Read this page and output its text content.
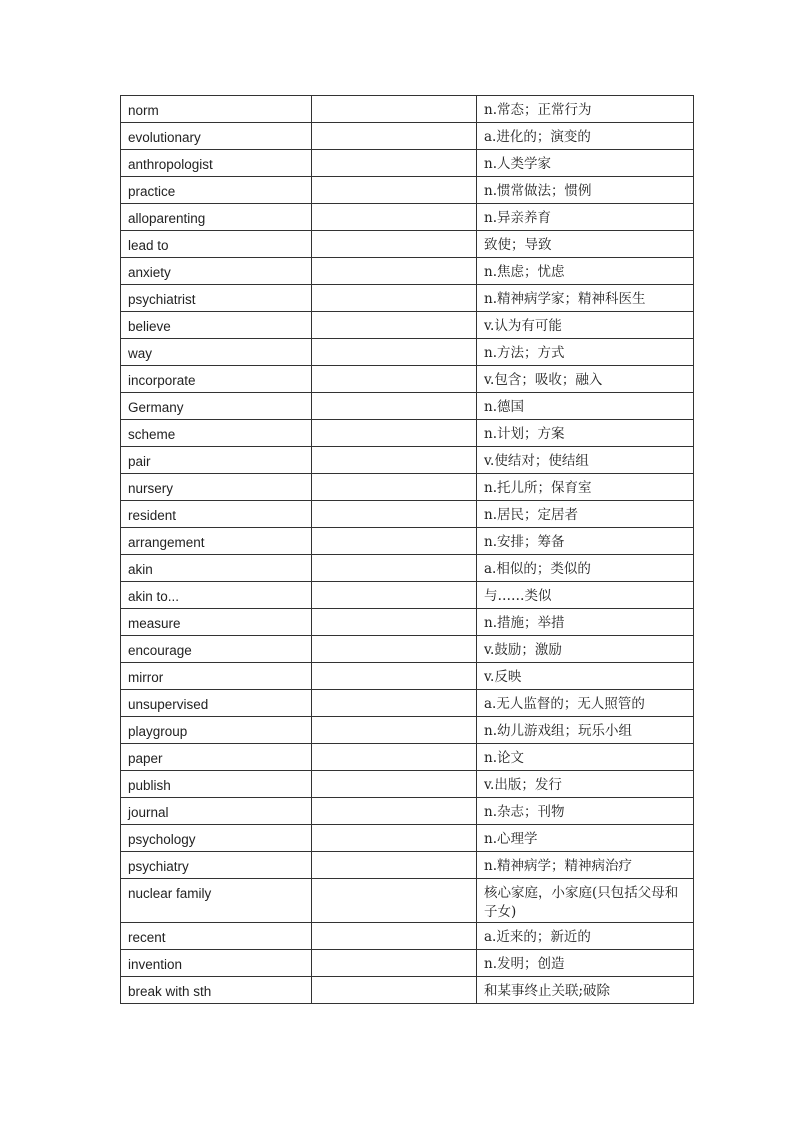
norm		n.常态；正常行为
evolutionary		a.进化的；演变的
anthropologist		n.人类学家
practice		n.惯常做法；惯例
alloparenting		n.异亲养育
lead to		致使；导致
anxiety		n.焦虑；忧虑
psychiatrist		n.精神病学家；精神科医生
believe		v.认为有可能
way		n.方法；方式
incorporate		v.包含；吸收；融入
Germany		n.德国
scheme		n.计划；方案
pair		v.使结对；使结组
nursery		n.托儿所；保育室
resident		n.居民；定居者
arrangement		n.安排；筹备
akin		a.相似的；类似的
akin to...		与……类似
measure		n.措施；举措
encourage		v.鼓励；激励
mirror		v.反映
unsupervised		a.无人监督的；无人照管的
playgroup		n.幼儿游戏组；玩乐小组
paper		n.论文
publish		v.出版；发行
journal		n.杂志；刊物
psychology		n.心理学
psychiatry		n.精神病学；精神病治疗
nuclear family		核心家庭，小家庭(只包括父母和子女)
recent		a.近来的；新近的
invention		n.发明；创造
break with sth		和某事终止关联;破除
